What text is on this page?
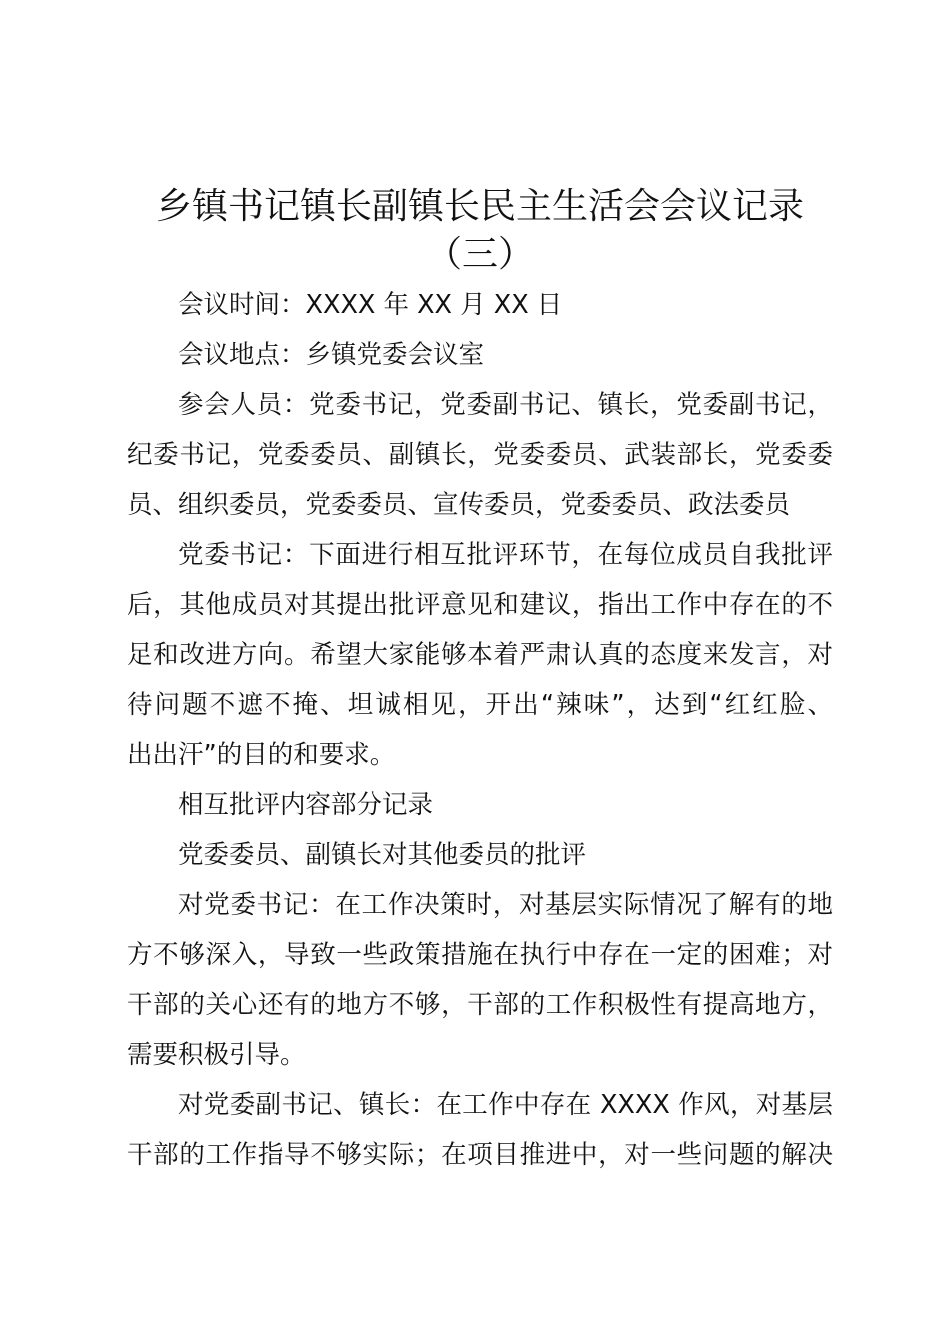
乡镇书记镇长副镇长民主生活会会议记录
（三）
会议时间：XXXX 年 XX 月 XX 日
会议地点：乡镇党委会议室
参会人员：党委书记，党委副书记、镇长，党委副书记，
纪委书记，党委委员、副镇长，党委委员、武装部长，党委委
员、组织委员，党委委员、宣传委员，党委委员、政法委员
党委书记：下面进行相互批评环节，在每位成员自我批评
后，其他成员对其提出批评意见和建议，指出工作中存在的不
足和改进方向。希望大家能够本着严肃认真的态度来发言，对
待问题不遮不掩、坦诚相见，开出“辣味”，达到“红红脸、
出出汗”的目的和要求。
相互批评内容部分记录
党委委员、副镇长对其他委员的批评
对党委书记：在工作决策时，对基层实际情况了解有的地
方不够深入，导致一些政策措施在执行中存在一定的困难；对
干部的关心还有的地方不够，干部的工作积极性有提高地方，
需要积极引导。
对党委副书记、镇长：在工作中存在 XXXX 作风，对基层
干部的工作指导不够实际；在项目推进中，对一些问题的解决
